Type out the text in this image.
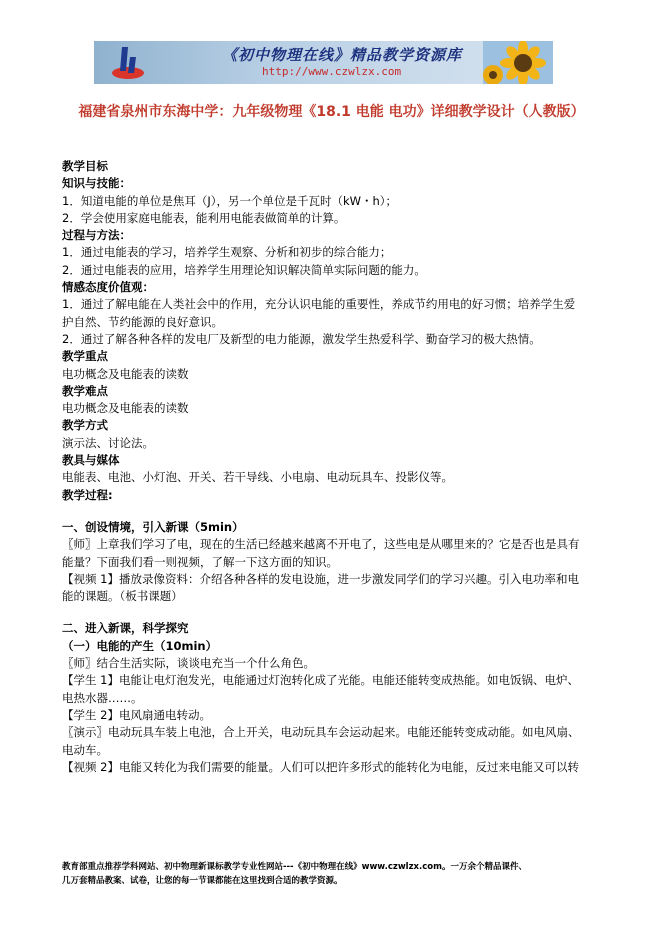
《初中物理在线》精品教学资源库
http://www.czwlzx.com
福建省泉州市东海中学：九年级物理《18.1 电能 电功》详细教学设计（人教版）
教学目标
知识与技能：
1．知道电能的单位是焦耳（J），另一个单位是千瓦时（kW・h）；
2．学会使用家庭电能表，能利用电能表做简单的计算。
过程与方法：
1．通过电能表的学习，培养学生观察、分析和初步的综合能力；
2．通过电能表的应用，培养学生用理论知识解决简单实际问题的能力。
情感态度价值观：
1．通过了解电能在人类社会中的作用，充分认识电能的重要性，养成节约用电的好习惯；培养学生爱
护自然、节约能源的良好意识。
2．通过了解各种各样的发电厂及新型的电力能源，激发学生热爱科学、勤奋学习的极大热情。
教学重点
电功概念及电能表的读数
教学难点
电功概念及电能表的读数
教学方式
演示法、讨论法。
教具与媒体
电能表、电池、小灯泡、开关、若干导线、小电扇、电动玩具车、投影仪等。
教学过程:
一、创设情境，引入新课（5min）
〖师〗上章我们学习了电，现在的生活已经越来越离不开电了，这些电是从哪里来的？它是否也是具有
能量？下面我们看一则视频，了解一下这方面的知识。
【视频 1】播放录像资料：介绍各种各样的发电设施，进一步激发同学们的学习兴趣。引入电功率和电
能的课题。（板书课题）
二、进入新课，科学探究
（一）电能的产生（10min）
〖师〗结合生活实际，谈谈电充当一个什么角色。
【学生 1】电能让电灯泡发光，电能通过灯泡转化成了光能。电能还能转变成热能。如电饭锅、电炉、
电热水器……。
【学生 2】电风扇通电转动。
〖演示〗电动玩具车装上电池，合上开关，电动玩具车会运动起来。电能还能转变成动能。如电风扇、
电动车。
【视频 2】电能又转化为我们需要的能量。人们可以把许多形式的能转化为电能，反过来电能又可以转
教育部重点推荐学科网站、初中物理新课标教学专业性网站---《初中物理在线》www.czwlzx.com。一万余个精品课件、
几万套精品教案、试卷，让您的每一节课都能在这里找到合适的教学资源。
